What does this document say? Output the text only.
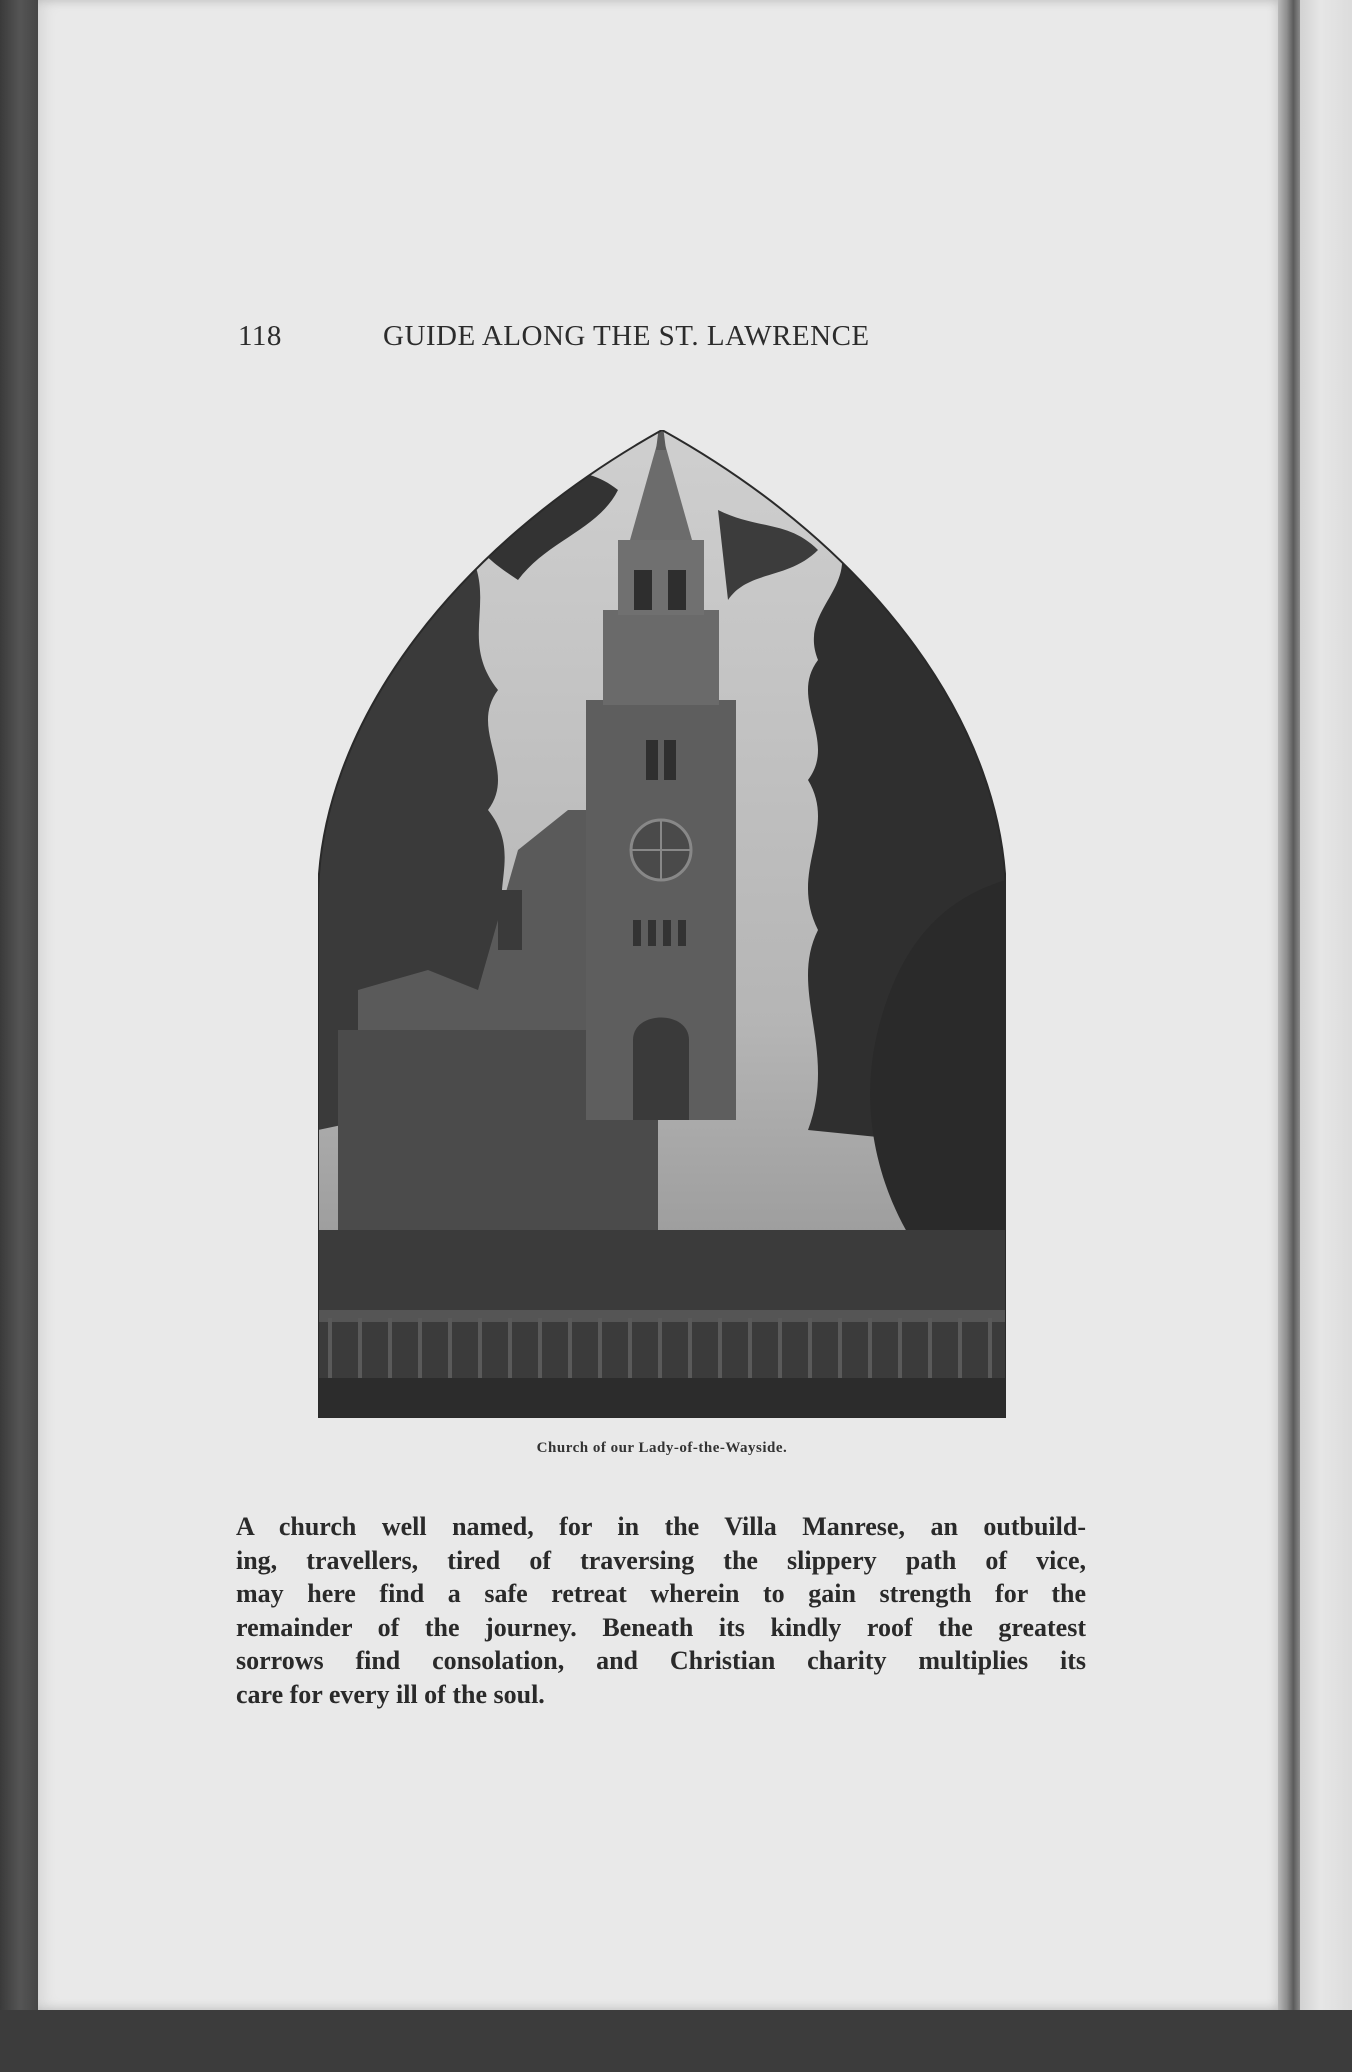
118	GUIDE ALONG THE ST. LAWRENCE
Church of our Lady-of-the-Wayside.
A church well named, for in the Villa Manrese, an outbuild-
ing, travellers, tired of traversing the slippery path of vice,
may here find a safe retreat wherein to gain strength for the
remainder of the journey. Beneath its kindly roof the greatest
sorrows find consolation, and Christian charity multiplies its
care for every ill of the soul.
